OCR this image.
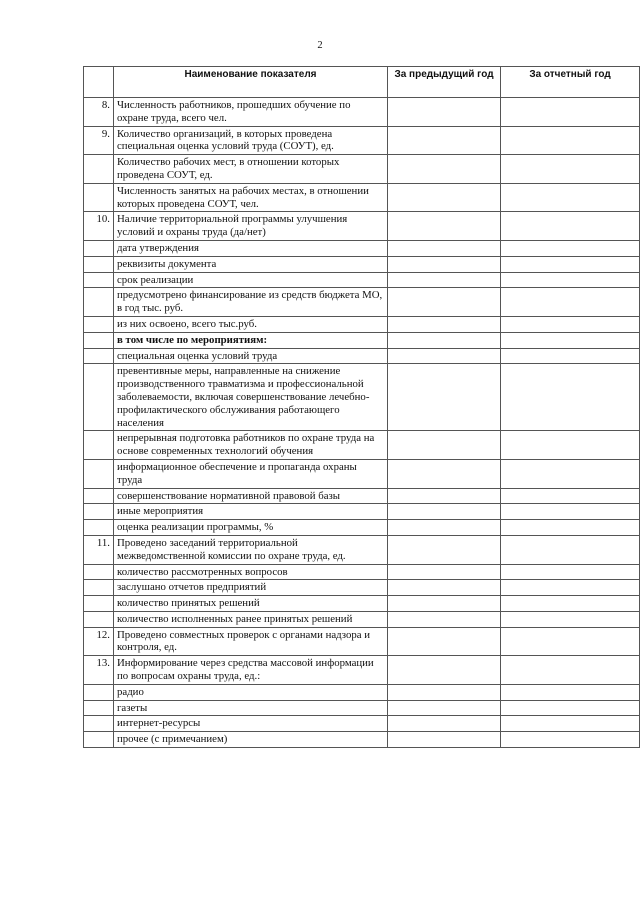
2
	Наименование показателя	За предыдущий год	За отчетный год
8.	Численность работников, прошедших обучение по охране труда, всего чел.		
9.	Количество организаций, в которых проведена специальная оценка условий труда (СОУТ), ед.		
	Количество рабочих мест, в отношении которых проведена СОУТ, ед.		
	Численность занятых на рабочих местах, в отношении которых проведена СОУТ, чел.		
10.	Наличие территориальной программы улучшения условий и охраны труда (да/нет)		
	дата утверждения		
	реквизиты документа		
	срок реализации		
	предусмотрено финансирование из средств бюджета МО, в год тыс. руб.		
	из них освоено, всего тыс.руб.		
	в том числе по мероприятиям:		
	специальная оценка условий труда		
	превентивные меры, направленные на снижение производственного травматизма и профессиональной заболеваемости, включая совершенствование лечебно-профилактического обслуживания работающего населения		
	непрерывная подготовка работников по охране труда на основе современных технологий обучения		
	информационное обеспечение и пропаганда охраны труда		
	совершенствование нормативной правовой базы		
	иные мероприятия		
	оценка реализации программы, %		
11.	Проведено заседаний территориальной межведомственной комиссии по охране труда, ед.		
	количество рассмотренных вопросов		
	заслушано отчетов предприятий		
	количество принятых решений		
	количество исполненных ранее принятых решений		
12.	Проведено совместных проверок с органами надзора и контроля, ед.		
13.	Информирование через средства массовой информации по вопросам охраны труда, ед.:		
	радио		
	газеты		
	интернет-ресурсы		
	прочее (с примечанием)		
